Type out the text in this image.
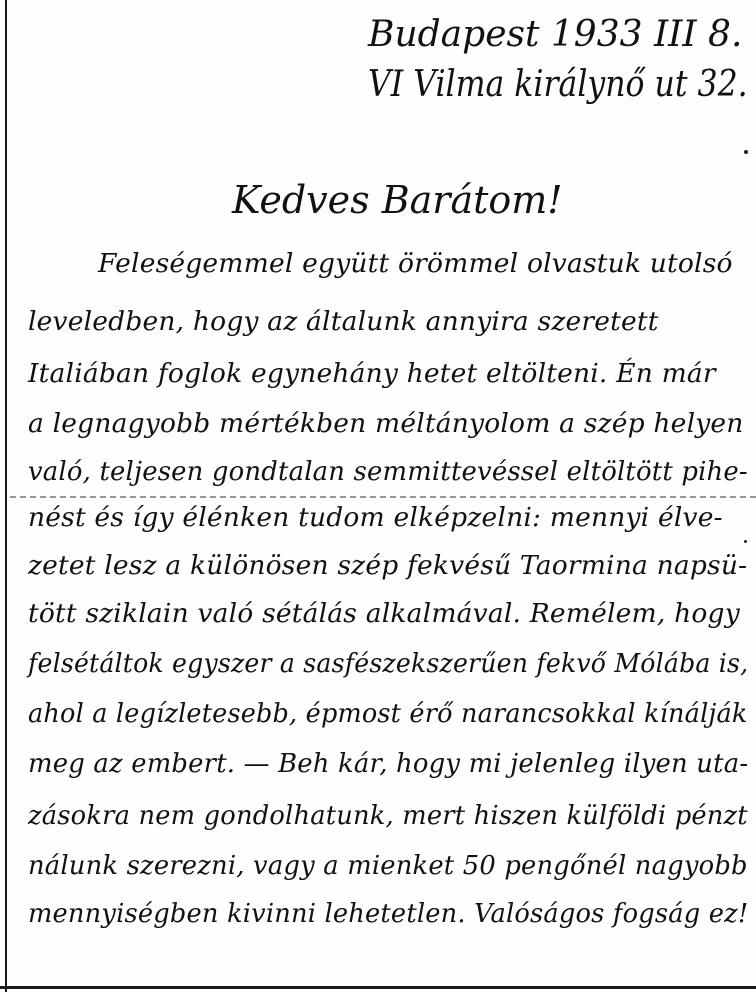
Budapest 1933 III 8.
VI Vilma királynő ut 32.
Kedves Barátom!
Feleségemmel együtt örömmel olvastuk utolsó
leveledben, hogy az általunk annyira szeretett
Italiában foglok egynehány hetet eltölteni. Én már
a legnagyobb mértékben méltányolom a szép helyen
való, teljesen gondtalan semmittevéssel eltöltött pihe-
nést és így élénken tudom elképzelni: mennyi élve-
zetet lesz a különösen szép fekvésű Taormina napsü-
tött sziklain való sétálás alkalmával. Remélem, hogy
felsétáltok egyszer a sasfészekszerűen fekvő Mólába is,
ahol a legízletesebb, épmost érő narancsokkal kínálják
meg az embert. — Beh kár, hogy mi jelenleg ilyen uta-
zásokra nem gondolhatunk, mert hiszen külföldi pénzt
nálunk szerezni, vagy a mienket 50 pengőnél nagyobb
mennyiségben kivinni lehetetlen. Valóságos fogság ez!
